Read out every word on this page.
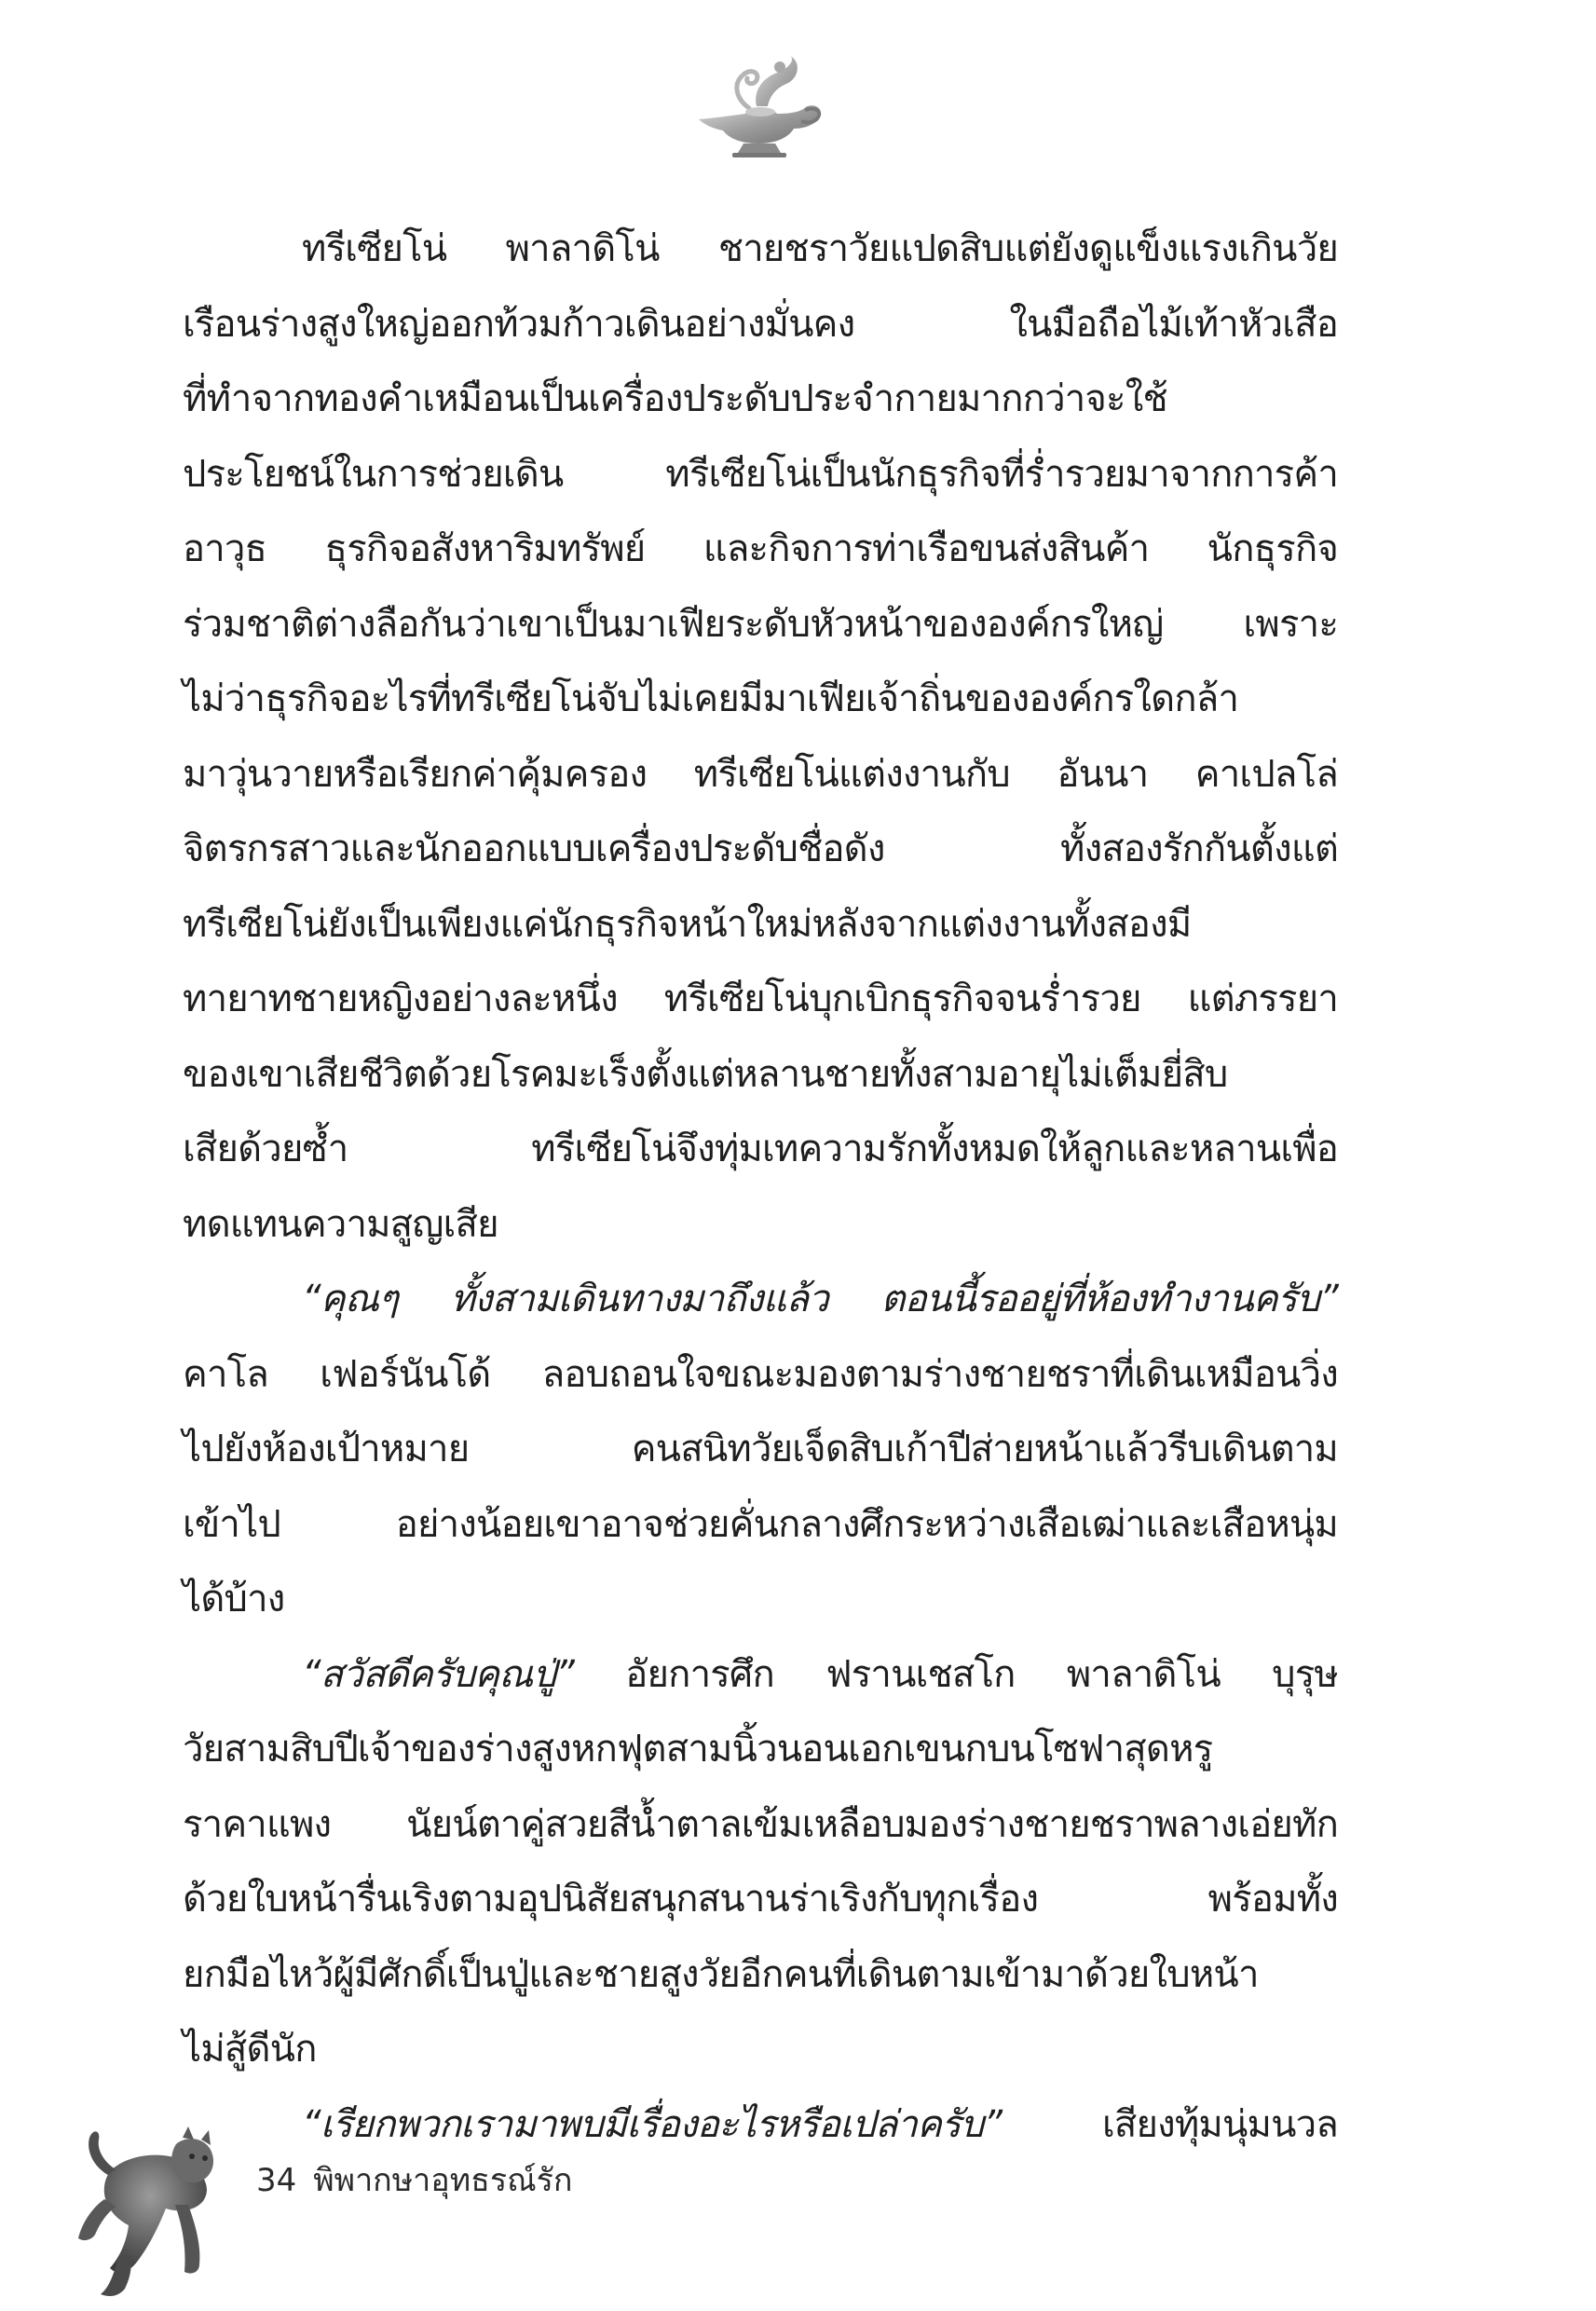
ทรีเซียโน่ พาลาดิโน่ ชายชราวัยแปดสิบแต่ยังดูแข็งแรงเกินวัย
เรือนร่างสูงใหญ่ออกท้วมก้าวเดินอย่างมั่นคง ในมือถือไม้เท้าหัวเสือ
ที่ทำจากทองคำเหมือนเป็นเครื่องประดับประจำกายมากกว่าจะใช้
ประโยชน์ในการช่วยเดิน ทรีเซียโน่เป็นนักธุรกิจที่ร่ำรวยมาจากการค้า
อาวุธ ธุรกิจอสังหาริมทรัพย์ และกิจการท่าเรือขนส่งสินค้า นักธุรกิจ
ร่วมชาติต่างลือกันว่าเขาเป็นมาเฟียระดับหัวหน้าขององค์กรใหญ่ เพราะ
ไม่ว่าธุรกิจอะไรที่ทรีเซียโน่จับไม่เคยมีมาเฟียเจ้าถิ่นขององค์กรใดกล้า
มาวุ่นวายหรือเรียกค่าคุ้มครอง ทรีเซียโน่แต่งงานกับ อันนา คาเปลโล่
จิตรกรสาวและนักออกแบบเครื่องประดับชื่อดัง ทั้งสองรักกันตั้งแต่
ทรีเซียโน่ยังเป็นเพียงแค่นักธุรกิจหน้าใหม่หลังจากแต่งงานทั้งสองมี
ทายาทชายหญิงอย่างละหนึ่ง ทรีเซียโน่บุกเบิกธุรกิจจนร่ำรวย แต่ภรรยา
ของเขาเสียชีวิตด้วยโรคมะเร็งตั้งแต่หลานชายทั้งสามอายุไม่เต็มยี่สิบ
เสียด้วยซ้ำ ทรีเซียโน่จึงทุ่มเทความรักทั้งหมดให้ลูกและหลานเพื่อ
ทดแทนความสูญเสีย
“คุณๆ ทั้งสามเดินทางมาถึงแล้ว ตอนนี้รออยู่ที่ห้องทำงานครับ”
คาโล เฟอร์นันโด้ ลอบถอนใจขณะมองตามร่างชายชราที่เดินเหมือนวิ่ง
ไปยังห้องเป้าหมาย คนสนิทวัยเจ็ดสิบเก้าปีส่ายหน้าแล้วรีบเดินตาม
เข้าไป อย่างน้อยเขาอาจช่วยคั่นกลางศึกระหว่างเสือเฒ่าและเสือหนุ่ม
ได้บ้าง
“สวัสดีครับคุณปู่” อัยการศึก ฟรานเชสโก พาลาดิโน่ บุรุษ
วัยสามสิบปีเจ้าของร่างสูงหกฟุตสามนิ้วนอนเอกเขนกบนโซฟาสุดหรู
ราคาแพง นัยน์ตาคู่สวยสีน้ำตาลเข้มเหลือบมองร่างชายชราพลางเอ่ยทัก
ด้วยใบหน้ารื่นเริงตามอุปนิสัยสนุกสนานร่าเริงกับทุกเรื่อง พร้อมทั้ง
ยกมือไหว้ผู้มีศักดิ์เป็นปู่และชายสูงวัยอีกคนที่เดินตามเข้ามาด้วยใบหน้า
ไม่สู้ดีนัก
“เรียกพวกเรามาพบมีเรื่องอะไรหรือเปล่าครับ” เสียงทุ้มนุ่มนวล
34 พิพากษาอุทธรณ์รัก
